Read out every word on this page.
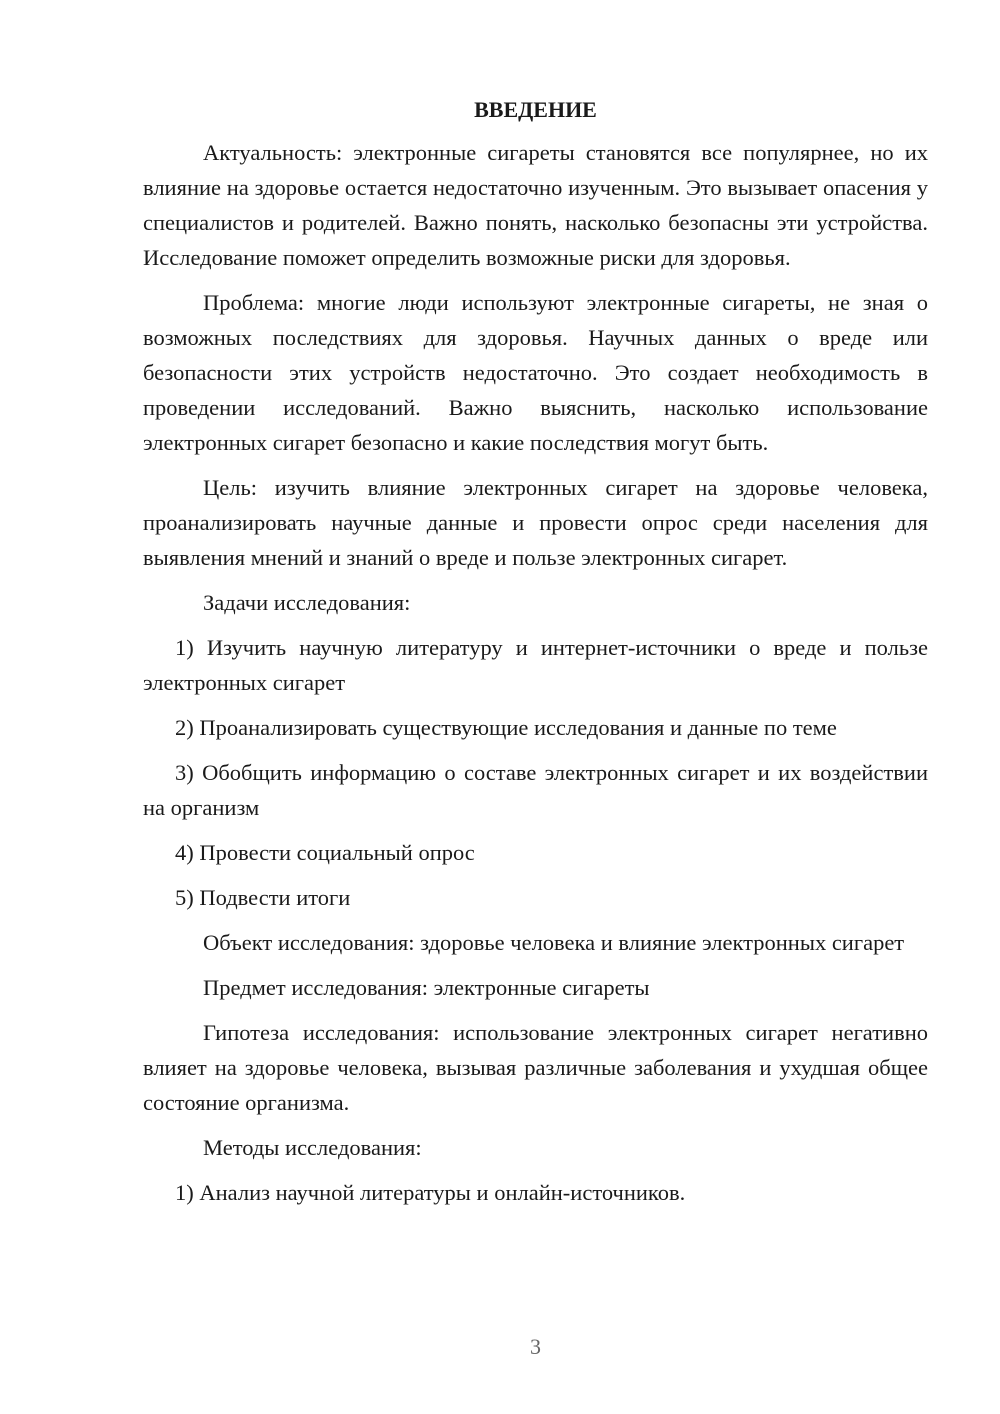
ВВЕДЕНИЕ

Актуальность: электронные сигареты становятся все популярнее, но их влияние на здоровье остается недостаточно изученным. Это вызывает опасения у специалистов и родителей. Важно понять, насколько безопасны эти устройства. Исследование поможет определить возможные риски для здоровья.

Проблема: многие люди используют электронные сигареты, не зная о возможных последствиях для здоровья. Научных данных о вреде или безопасности этих устройств недостаточно. Это создает необходимость в проведении исследований. Важно выяснить, насколько использование электронных сигарет безопасно и какие последствия могут быть.

Цель: изучить влияние электронных сигарет на здоровье человека, проанализировать научные данные и провести опрос среди населения для выявления мнений и знаний о вреде и пользе электронных сигарет.

Задачи исследования:

1) Изучить научную литературу и интернет-источники о вреде и пользе электронных сигарет

2) Проанализировать существующие исследования и данные по теме

3) Обобщить информацию о составе электронных сигарет и их воздействии на организм

4) Провести социальный опрос

5) Подвести итоги

Объект исследования: здоровье человека и влияние электронных сигарет

Предмет исследования: электронные сигареты

Гипотеза исследования: использование электронных сигарет негативно влияет на здоровье человека, вызывая различные заболевания и ухудшая общее состояние организма.

Методы исследования:

1) Анализ научной литературы и онлайн-источников.

3
